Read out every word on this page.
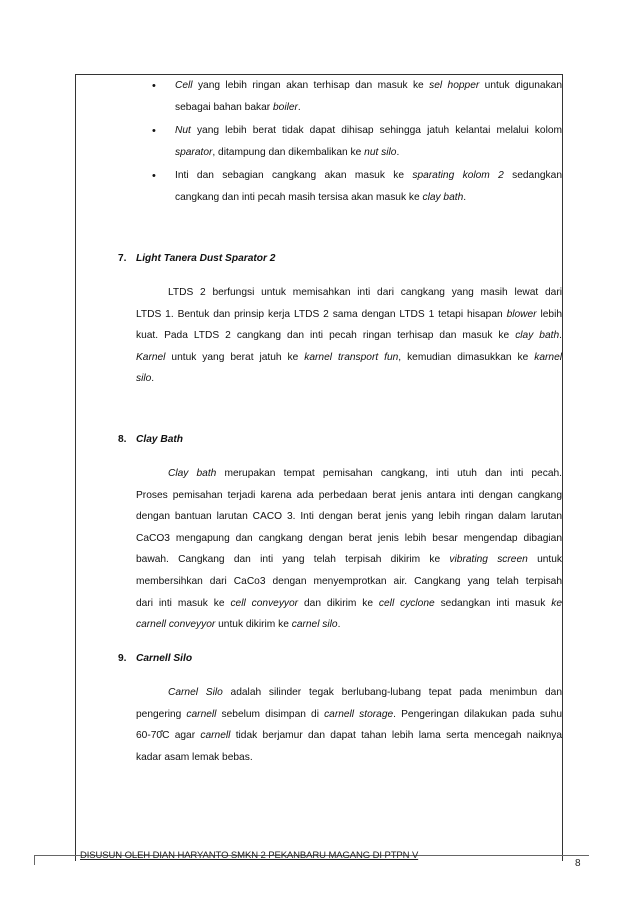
• Cell yang lebih ringan akan terhisap dan masuk ke sel hopper untuk digunakan
sebagai bahan bakar boiler.
• Nut yang lebih berat tidak dapat dihisap sehingga jatuh kelantai melalui kolom
sparator, ditampung dan dikembalikan ke nut silo.
• Inti dan sebagian cangkang akan masuk ke sparating kolom 2 sedangkan
cangkang dan inti pecah masih tersisa akan masuk ke clay bath.
7. Light Tanera Dust Sparator 2
LTDS 2 berfungsi untuk memisahkan inti dari cangkang yang masih lewat dari
LTDS 1. Bentuk dan prinsip kerja LTDS 2 sama dengan LTDS 1 tetapi hisapan blower lebih
kuat. Pada LTDS 2 cangkang dan inti pecah ringan terhisap dan masuk ke clay bath.
Karnel untuk yang berat jatuh ke karnel transport fun, kemudian dimasukkan ke karnel
silo.
8. Clay Bath
Clay bath merupakan tempat pemisahan cangkang, inti utuh dan inti pecah.
Proses pemisahan terjadi karena ada perbedaan berat jenis antara inti dengan cangkang
dengan bantuan larutan CACO 3. Inti dengan berat jenis yang lebih ringan dalam larutan
CaCO3 mengapung dan cangkang dengan berat jenis lebih besar mengendap dibagian
bawah. Cangkang dan inti yang telah terpisah dikirim ke vibrating screen untuk
membersihkan dari CaCo3 dengan menyemprotkan air. Cangkang yang telah terpisah
dari inti masuk ke cell conveyyor dan dikirim ke cell cyclone sedangkan inti masuk ke
carnell conveyyor untuk dikirim ke carnel silo.
9. Carnell Silo
Carnel Silo adalah silinder tegak berlubang-lubang tepat pada menimbun dan
pengering carnell sebelum disimpan di carnell storage. Pengeringan dilakukan pada suhu
60-70C agar carnell tidak berjamur dan dapat tahan lebih lama serta mencegah naiknya
kadar asam lemak bebas.
DISUSUN OLEH DIAN HARYANTO SMKN 2 PEKANBARU MAGANG DI PTPN V
8
